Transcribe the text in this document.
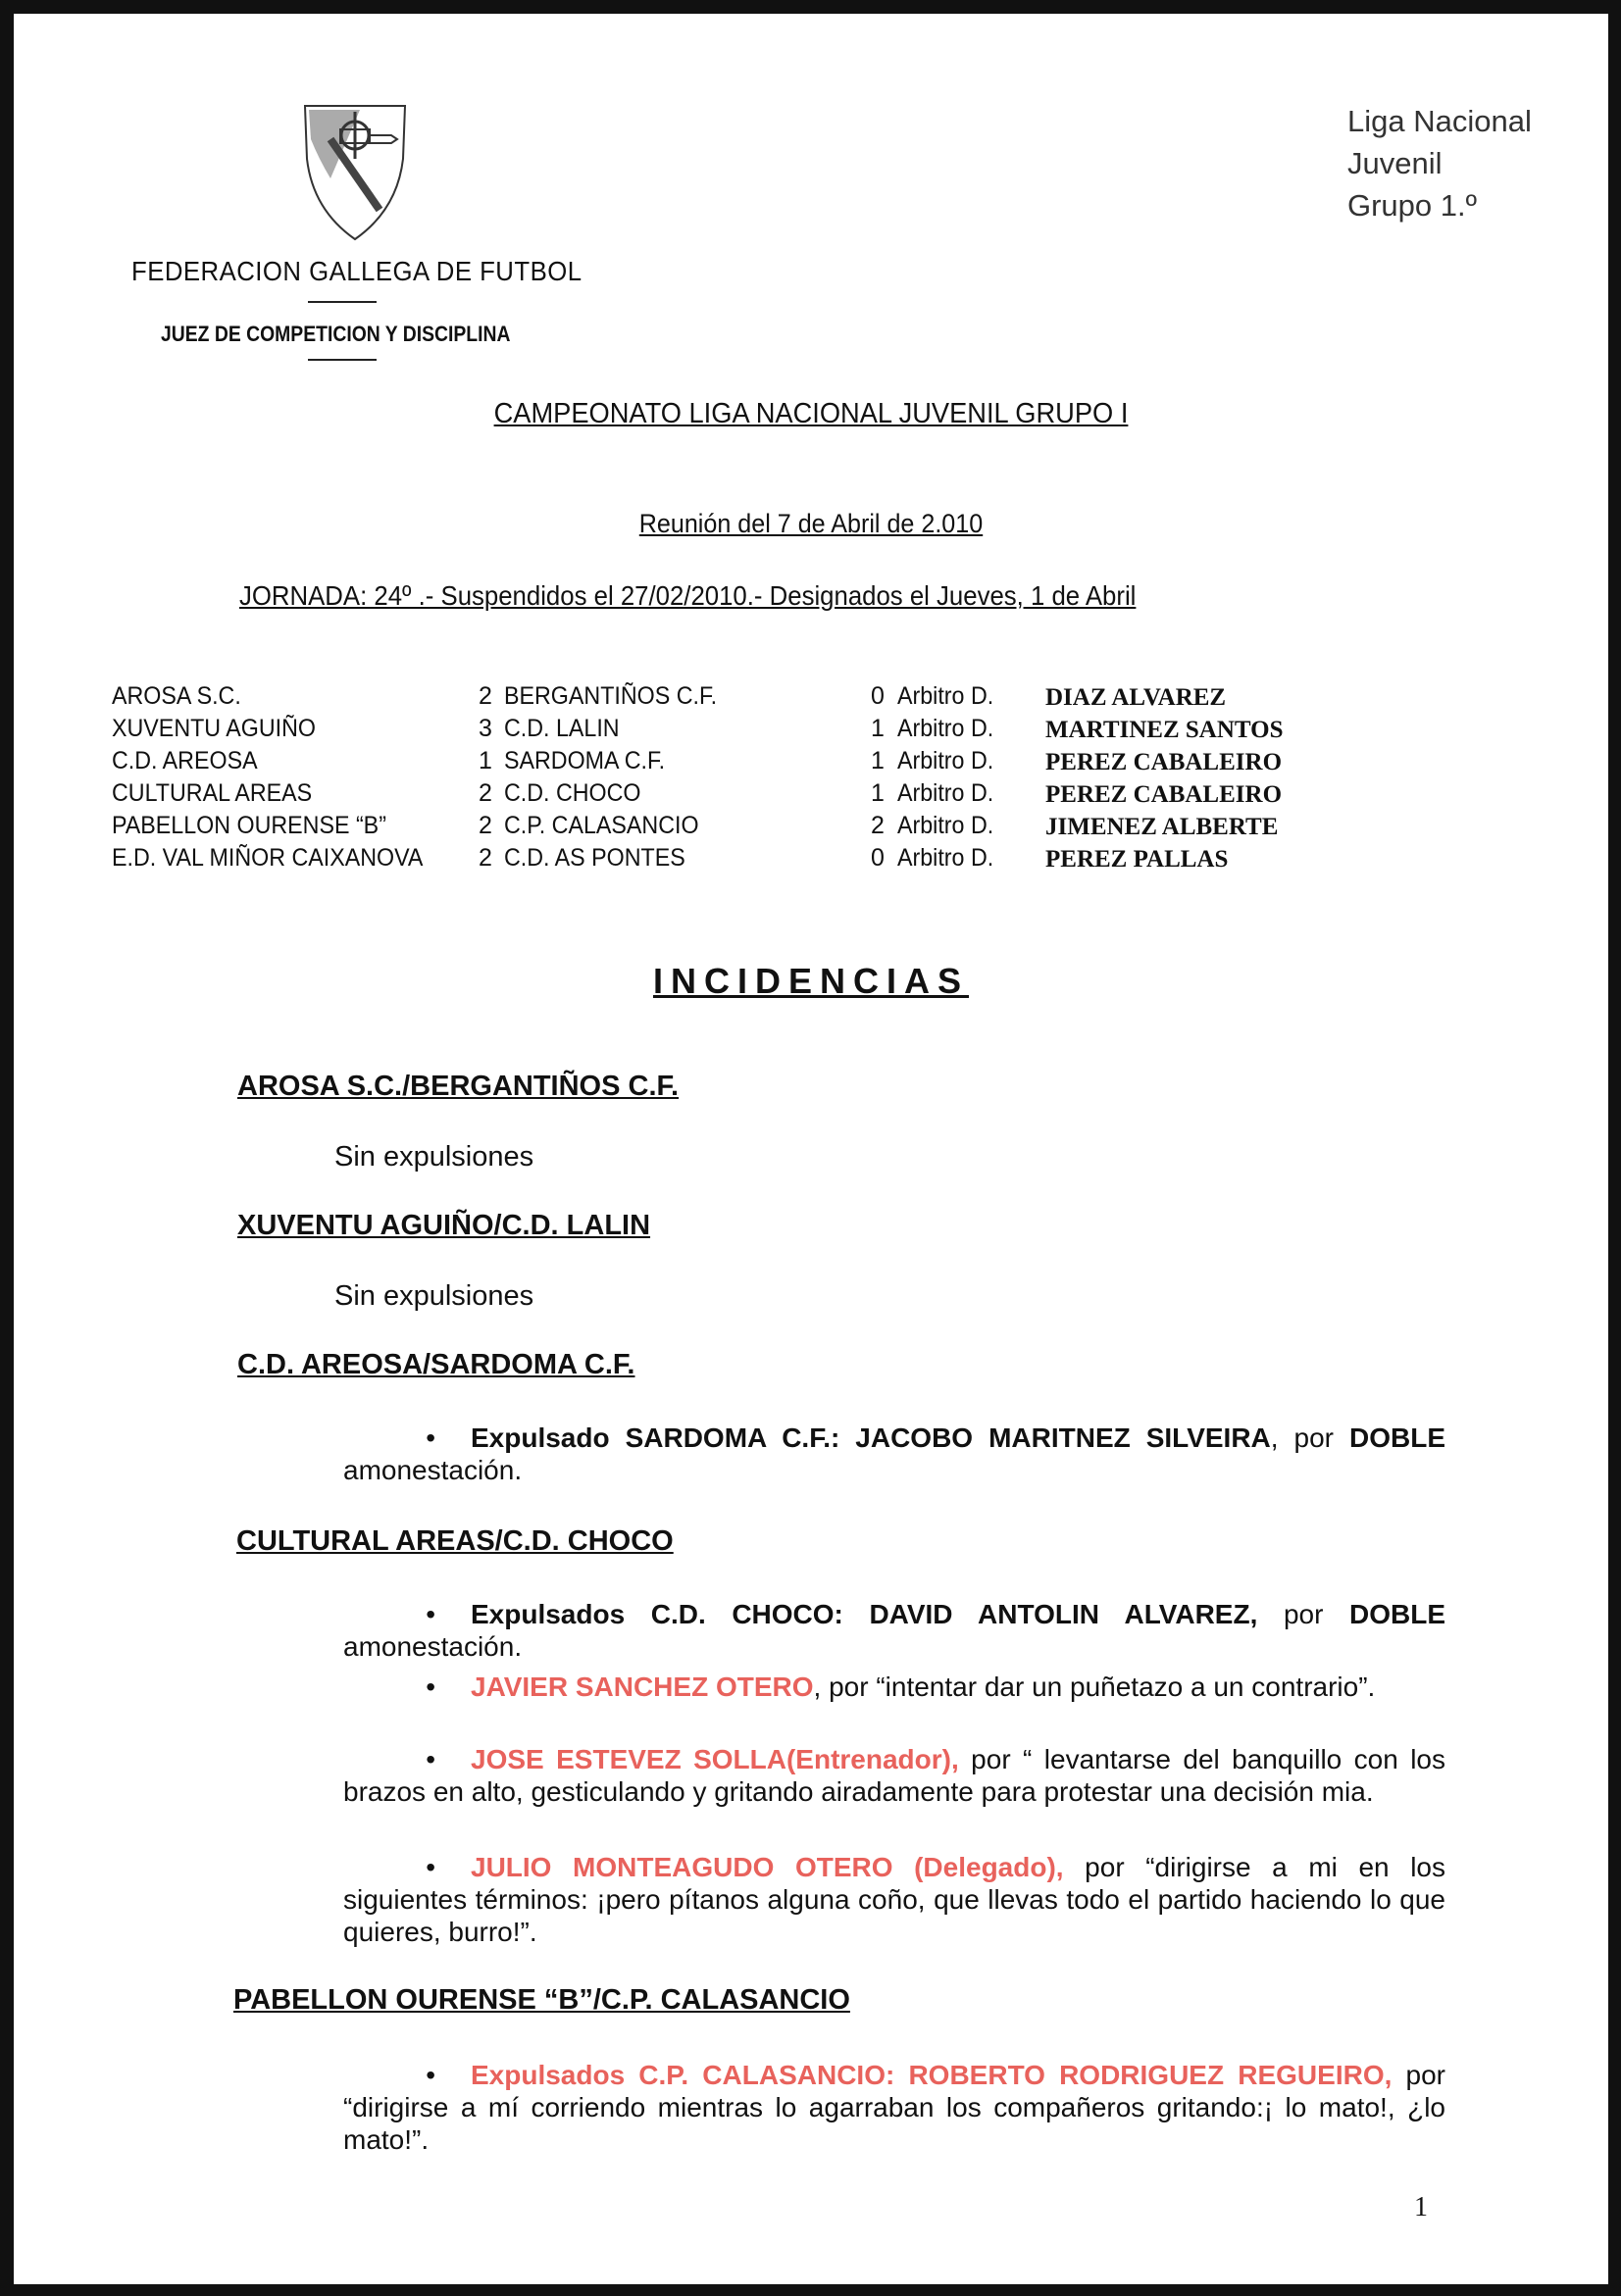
FEDERACION GALLEGA DE FUTBOL
JUEZ DE COMPETICION Y DISCIPLINA
Liga Nacional
Juvenil
Grupo 1.º
CAMPEONATO LIGA NACIONAL JUVENIL GRUPO I
Reunión del 7 de Abril de 2.010
JORNADA: 24º .- Suspendidos el 27/02/2010.- Designados el Jueves, 1 de Abril
AROSA S.C.	2 BERGANTIÑOS C.F.	0 Arbitro D. DIAZ ALVAREZ
XUVENTU AGUIÑO	3 C.D. LALIN	1 Arbitro D. MARTINEZ SANTOS
C.D. AREOSA	1 SARDOMA C.F.	1 Arbitro D. PEREZ CABALEIRO
CULTURAL AREAS	2 C.D. CHOCO	1 Arbitro D. PEREZ CABALEIRO
PABELLON OURENSE “B”	2 C.P. CALASANCIO	2 Arbitro D. JIMENEZ ALBERTE
E.D. VAL MIÑOR CAIXANOVA 2 C.D. AS PONTES	0 Arbitro D. PEREZ PALLAS
INCIDENCIAS
AROSA S.C./BERGANTIÑOS C.F.
Sin expulsiones
XUVENTU AGUIÑO/C.D. LALIN
Sin expulsiones
C.D. AREOSA/SARDOMA C.F.
• Expulsado SARDOMA C.F.: JACOBO MARITNEZ SILVEIRA, por DOBLE amonestación.
CULTURAL AREAS/C.D. CHOCO
• Expulsados C.D. CHOCO: DAVID ANTOLIN ALVAREZ, por DOBLE amonestación.
• JAVIER SANCHEZ OTERO, por “intentar dar un puñetazo a un contrario”.
• JOSE ESTEVEZ SOLLA(Entrenador), por “ levantarse del banquillo con los brazos en alto, gesticulando y gritando airadamente para protestar una decisión mia.
• JULIO MONTEAGUDO OTERO (Delegado), por “dirigirse a mi en los siguientes términos: ¡pero pítanos alguna coño, que llevas todo el partido haciendo lo que quieres, burro!”.
PABELLON OURENSE “B”/C.P. CALASANCIO
• Expulsados C.P. CALASANCIO: ROBERTO RODRIGUEZ REGUEIRO, por “dirigirse a mí corriendo mientras lo agarraban los compañeros gritando:¡ lo mato!, ¿lo mato!”.
1
